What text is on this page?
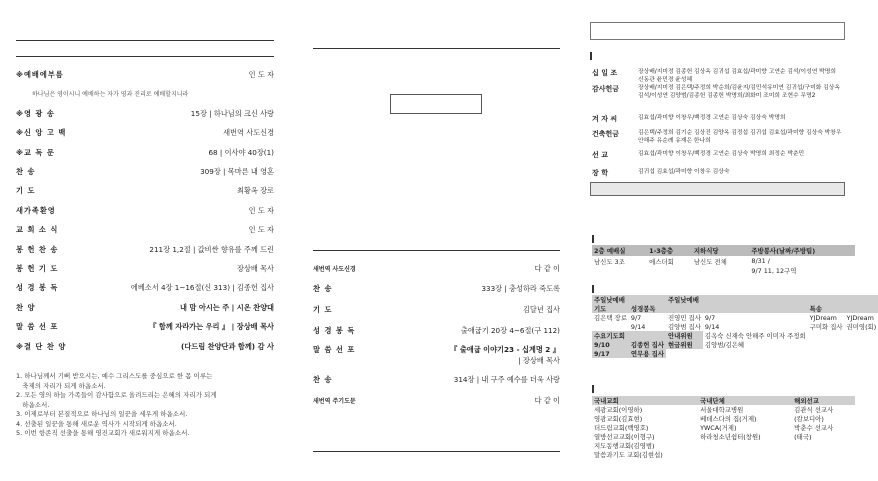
※예배에부름	인 도 자
하나님은 영이시니 예배하는 자가 영과 진리로 예배할지니라
※영 광 송	15장 | 하나님의 크신 사랑
※신 앙 고 백	새번역 사도신경
※교 독 문	68 | 이사야 40장(1)
찬 송	309장 | 목마른 내 영혼
기 도	최황옥 장로
새가족환영	인 도 자
교 회 소 식	인 도 자
봉 헌 찬 송	211장 1,2절 | 값비싼 향유를 주께 드린
봉 헌 기 도	장상배 목사
성 경 봉 독	에베소서 4장 1~16절(신 313) | 김종헌 집사
찬 양	내 맘 아시는 주 | 시온 찬양대
말 씀 선 포	『 함께 자라가는 우리 』 | 장상배 목사
※결 단 찬 양	(다드림 찬양단과 함께) 감 사
1. 하나님께서 기뻐 받으시는, 예수 그리스도를 중심으로 한 몸 이루는
축제의 자리가 되게 하옵소서.
2. 모든 영의 하늘 가족들이 감사함으로 올려드리는 은혜의 자리가 되게
하옵소서.
3. 이제로부터 본질적으로 하나님의 일꾼을 세우게 하옵소서.
4. 선출된 일꾼을 통해 새로운 역사가 시작되게 하옵소서.
5. 이번 항존직 선출을 통해 영진교회가 새로워지게 하옵소서.
새번역 사도신경	다 같 이
찬 송	333장 | 충성하라 죽도록
기 도	김달년 집사
성 경 봉 독	출애굽기 20장 4~6절(구 112)
말 씀 선 포	『 출애굽 이야기23 - 십계명 2 』
| 장상배 목사
찬 송	314장 | 내 구주 예수를 더욱 사랑
새번역 주기도문	다 같 이
십 일 조	장상배/지미정 김종헌 김상옥 김귀섭 김효섭/곽미향 고연순 김석/이성연 박명희 신동관 윤민경 윤성혜
감사헌금	장상배/지미정 김은택/주정희 박순희/김윤지/김민석유미연 김귀섭/구미화 김상옥 김석/이성연 김양범/김종헌 김종헌 박명희/최화미 조미희 조현수 무명2
겨 자 씨	김효섭/곽미향 이창우/백정경 고연순 김상숙 김상숙 박명희
건축헌금	김은택/주정희 김기순 김상진 김양옥 김정섭 김귀섭 김효섭/곽미향 김상숙 박창우 안해주 유순례 유재은 한나희
선 교	김효섭/곽미향 이창우/백정경 고연순 김상숙 박명희 최정순 박춘민
장 학	김귀섭 김효섭/곽미향 이창우 김상숙
2층 예배실	1-3층층	지하식당	주방봉사(날짜/주방팀)
남신도 3조	에스더회	남신도 전체	8/31 /
			9/7 11, 12구역
주일낮예배		주일낮예배			
기도	성경봉독			특송	
김은택 장로	9/7	진영민 집사	9/7	YJDream	YJDream
	9/14	김양범 집사	9/14	구미화 집사	권미영(회)
수요기도회		안내위원	김옥숙 신재숙 안해주 이미자 주정희		
9/10	김종헌 집사	현금위원	김양범/김은혜		
9/17	연무용 집사				
국내교회	국내단체	해외선교
세광교회(이영하)	서울대학교병원	김관식 선교사
영광교회(김효현)	베데스다의 집(거제)	(캄보디아)
더드림교회(백영호)	YWCA(거제)	박춘수 선교사
열방선교교회(이형구)	하라청소년쉼터(창원)	(태국)
지도동행교회(김영범)		
말씀과기도 교회(김현섭)		
